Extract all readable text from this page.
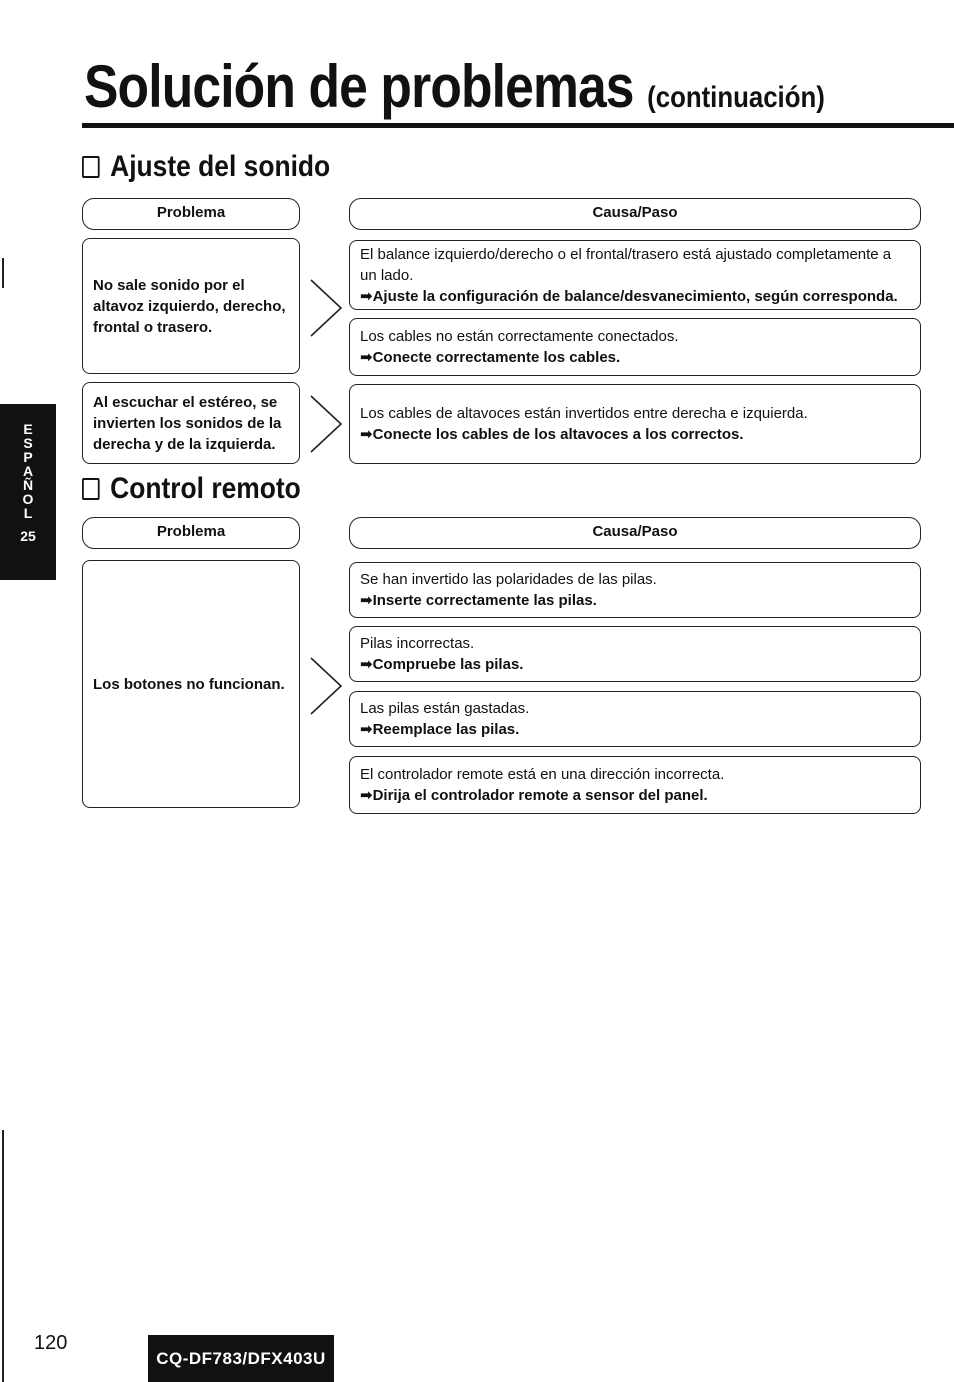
Solución de problemas (continuación)
E
S
P
A
Ñ
O
L
25
Ajuste del sonido
Problema	Causa/Paso
No sale sonido por el altavoz izquierdo, derecho, frontal o trasero.
El balance izquierdo/derecho o el frontal/trasero está ajustado completamente a un lado.
➡Ajuste la configuración de balance/desvanecimiento, según corresponda.
Los cables no están correctamente conectados.
➡Conecte correctamente los cables.
Al escuchar el estéreo, se invierten los sonidos de la derecha y de la izquierda.
Los cables de altavoces están invertidos entre derecha e izquierda.
➡Conecte los cables de los altavoces a los correctos.
Control remoto
Problema	Causa/Paso
Los botones no funcionan.
Se han invertido las polaridades de las pilas.
➡Inserte correctamente las pilas.
Pilas incorrectas.
➡Compruebe las pilas.
Las pilas están gastadas.
➡Reemplace las pilas.
El controlador remote está en una dirección incorrecta.
➡Dirija el controlador remote a sensor del panel.
120
CQ-DF783/DFX403U
